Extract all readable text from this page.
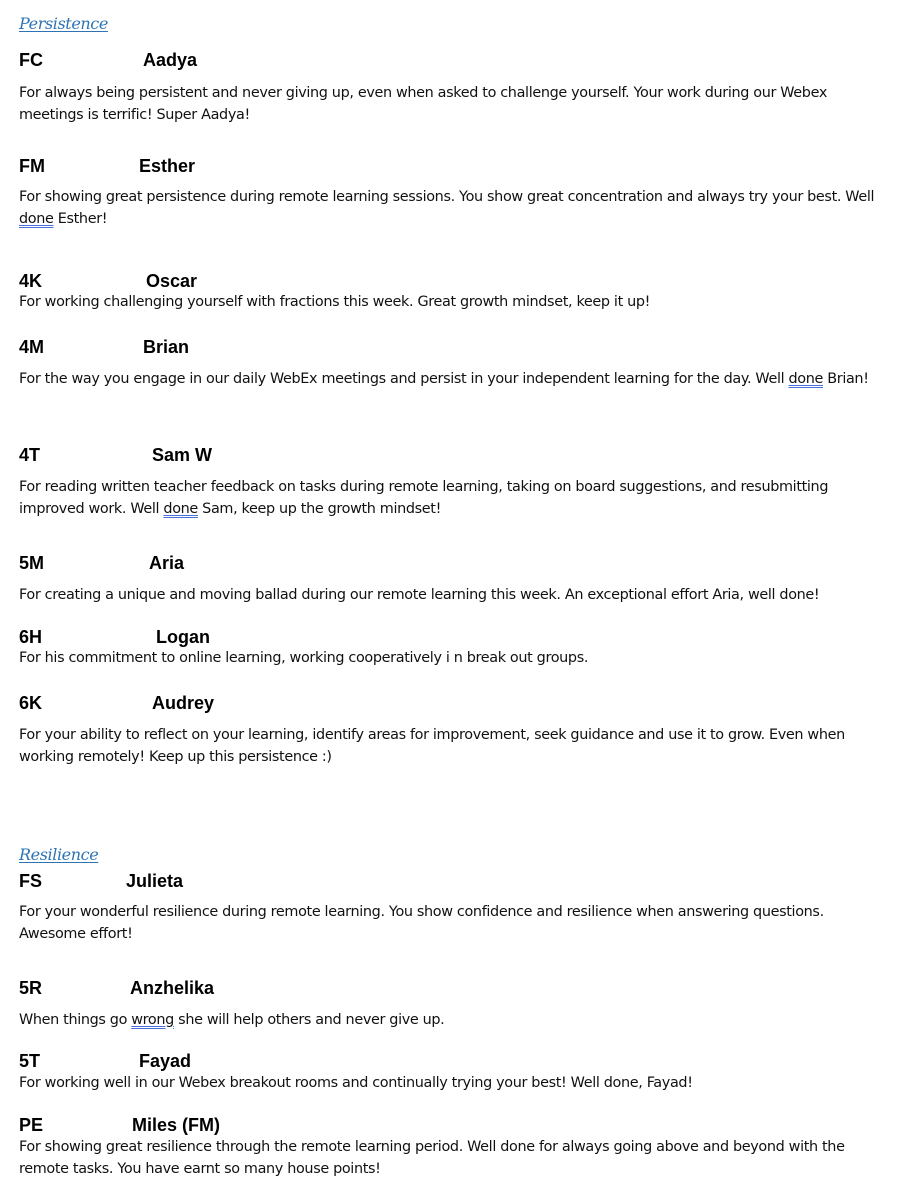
Persistence
Resilience
FC	Aadya
For always being persistent and never giving up, even when asked to challenge yourself. Your work during our Webex meetings is terrific! Super Aadya!
FM	Esther
For showing great persistence during remote learning sessions. You show great concentration and always try your best. Well done Esther!
4K	Oscar
For working challenging yourself with fractions this week. Great growth mindset, keep it up!
4M	Brian
For the way you engage in our daily WebEx meetings and persist in your independent learning for the day. Well done Brian!
4T	Sam W
For reading written teacher feedback on tasks during remote learning, taking on board suggestions, and resubmitting improved work. Well done Sam, keep up the growth mindset!
5M	Aria
For creating a unique and moving ballad during our remote learning this week. An exceptional effort Aria, well done!
6H	Logan
For his commitment to online learning, working cooperatively i n break out groups.
6K	Audrey
For your ability to reflect on your learning, identify areas for improvement, seek guidance and use it to grow. Even when working remotely! Keep up this persistence :)
FS	Julieta
For your wonderful resilience during remote learning. You show confidence and resilience when answering questions. Awesome effort!
5R	Anzhelika
When things go wrong she will help others and never give up.
5T	Fayad
For working well in our Webex breakout rooms and continually trying your best! Well done, Fayad!
PE	Miles (FM)
For showing great resilience through the remote learning period. Well done for always going above and beyond with the remote tasks. You have earnt so many house points!
